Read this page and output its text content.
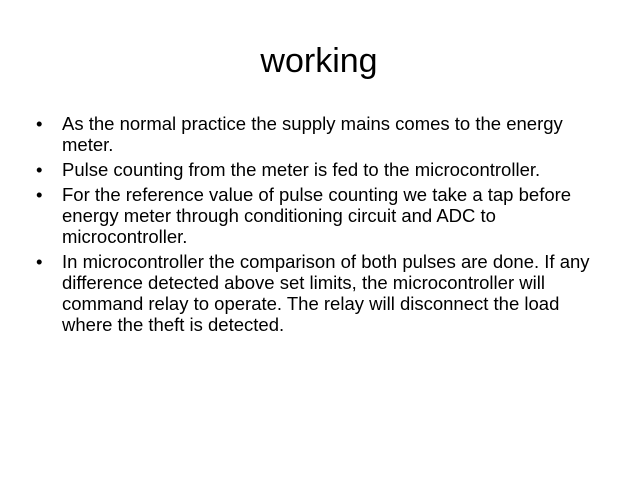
working
•	As the normal practice the supply mains comes to the energy meter.
•	Pulse counting from the meter is fed to the microcontroller.
•	For the reference value of pulse counting we take a tap before energy meter through conditioning circuit and ADC to microcontroller.
•	In microcontroller the comparison of both pulses are done. If any difference detected above set limits, the microcontroller will command relay to operate. The relay will disconnect the load where the theft is detected.
